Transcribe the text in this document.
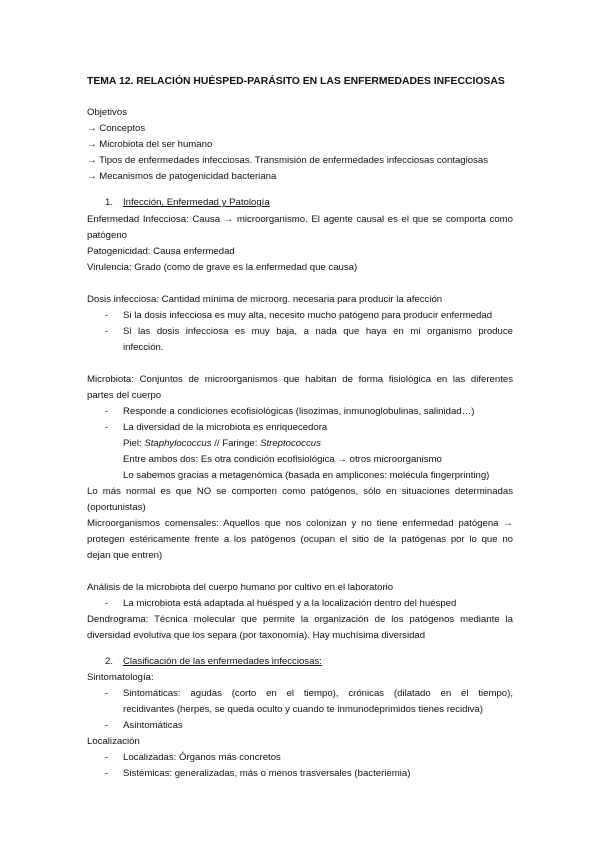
TEMA 12. RELACIÓN HUÉSPED-PARÁSITO EN LAS ENFERMEDADES INFECCIOSAS
Objetivos
→ Conceptos
→ Microbiota del ser humano
→ Tipos de enfermedades infecciosas. Transmisión de enfermedades infecciosas contagiosas
→ Mecanismos de patogenicidad bacteriana
1. Infección, Enfermedad y Patología
Enfermedad Infecciosa: Causa → microorganismo. El agente causal es el que se comporta como
patógeno
Patogenicidad: Causa enfermedad
Virulencia: Grado (como de grave es la enfermedad que causa)
Dosis infecciosa: Cantidad mínima de microorg. necesaria para producir la afección
- Si la dosis infecciosa es muy alta, necesito mucho patógeno para producir enfermedad
- Si las dosis infecciosa es muy baja, a nada que haya en mi organismo produce
infección.
Microbiota: Conjuntos de microorganismos que habitan de forma fisiológica en las diferentes
partes del cuerpo
- Responde a condiciones ecofisiológicas (lisozimas, inmunoglobulinas, salinidad…)
- La diversidad de la microbiota es enriquecedora
Piel: Staphylococcus // Faringe: Streptococcus
Entre ambos dos: Es otra condición ecofisiológica → otros microorganismo
Lo sabemos gracias a metagenómica (basada en amplicones: molécula fingerprinting)
Lo más normal es que NO se comporten como patógenos, sólo en situaciones determinadas
(oportunistas)
Microorganismos comensales: Aquellos que nos colonizan y no tiene enfermedad patógena →
protegen estéricamente frente a los patógenos (ocupan el sitio de la patógenas por lo que no
dejan que entren)
Análisis de la microbiota del cuerpo humano por cultivo en el laboratorio
- La microbiota está adaptada al huésped y a la localización dentro del huésped
Dendrograma: Técnica molecular que permite la organización de los patógenos mediante la
diversidad evolutiva que los separa (por taxonomía). Hay muchísima diversidad
2. Clasificación de las enfermedades infecciosas:
Sintomatología:
- Sintomáticas: agudas (corto en el tiempo), crónicas (dilatado en el tiempo),
recidivantes (herpes, se queda oculto y cuando te inmunodeprimidos tienes recidiva)
- Asintomáticas
Localización
- Localizadas: Órganos más concretos
- Sistémicas: generalizadas, más o menos trasversales (bacteriemia)
